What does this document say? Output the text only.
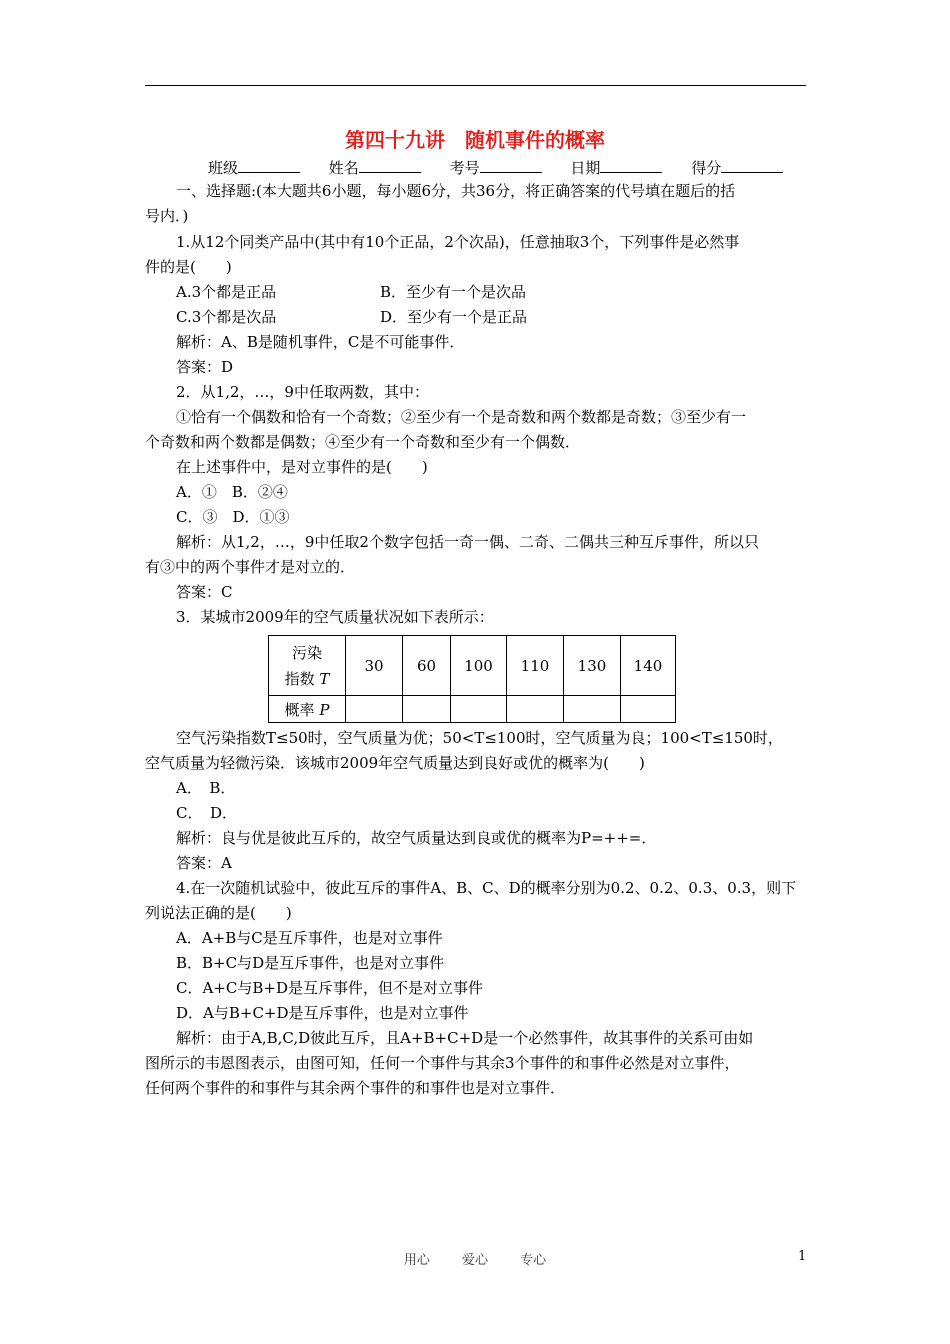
第四十九讲　随机事件的概率
班级	姓名	考号	日期	得分
一、选择题:(本大题共6小题，每小题6分，共36分，将正确答案的代号填在题后的括
号内．)
1.从12个同类产品中(其中有10个正品，2个次品)，任意抽取3个，下列事件是必然事
件的是(　　)
A.3个都是正品	B．至少有一个是次品
C.3个都是次品	D．至少有一个是正品
解析：A、B是随机事件，C是不可能事件．
答案：D
2．从1,2，…，9中任取两数，其中：
①恰有一个偶数和恰有一个奇数；②至少有一个是奇数和两个数都是奇数；③至少有一
个奇数和两个数都是偶数；④至少有一个奇数和至少有一个偶数．
在上述事件中，是对立事件的是(　　)
A．①　B．②④
C．③　D．①③
解析：从1,2，…，9中任取2个数字包括一奇一偶、二奇、二偶共三种互斥事件，所以只
有③中的两个事件才是对立的．
答案：C
3．某城市2009年的空气质量状况如下表所示：
污染
指数 T	30	60	100	110	130	140
概率 P						
空气污染指数T≤50时，空气质量为优；50<T≤100时，空气质量为良；100<T≤150时，
空气质量为轻微污染．该城市2009年空气质量达到良好或优的概率为(　　)
A．　B．
C．　D．
解析：良与优是彼此互斥的，故空气质量达到良或优的概率为P=++=．
答案：A
4.在一次随机试验中，彼此互斥的事件A、B、C、D的概率分别为0.2、0.2、0.3、0.3，则下
列说法正确的是(　　)
A．A+B与C是互斥事件，也是对立事件
B．B+C与D是互斥事件，也是对立事件
C．A+C与B+D是互斥事件，但不是对立事件
D．A与B+C+D是互斥事件，也是对立事件
解析：由于A,B,C,D彼此互斥，且A+B+C+D是一个必然事件，故其事件的关系可由如
图所示的韦恩图表示，由图可知，任何一个事件与其余3个事件的和事件必然是对立事件，
任何两个事件的和事件与其余两个事件的和事件也是对立事件．
用心 爱心 专心	1
